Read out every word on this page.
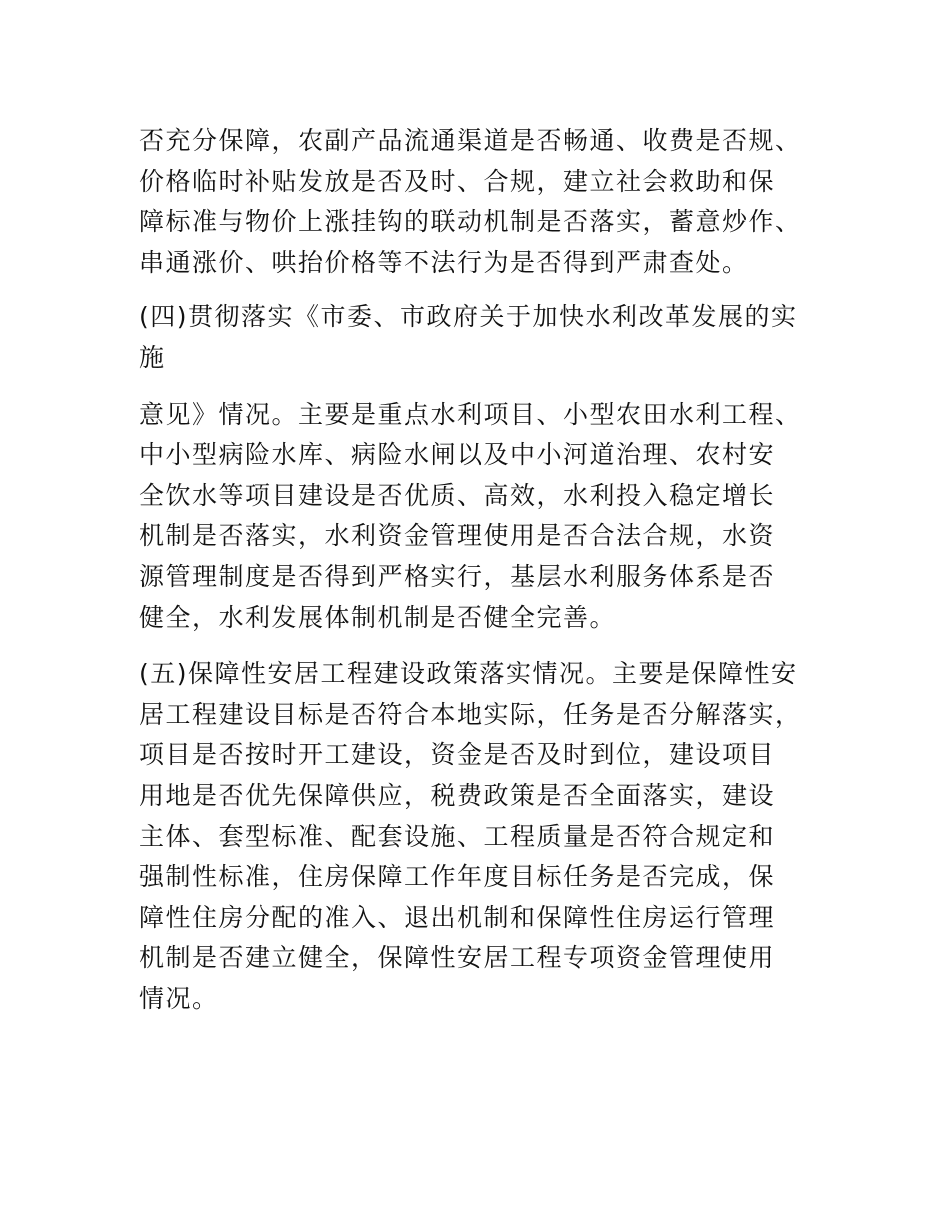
否充分保障，农副产品流通渠道是否畅通、收费是否规、
价格临时补贴发放是否及时、合规，建立社会救助和保
障标准与物价上涨挂钩的联动机制是否落实，蓄意炒作、
串通涨价、哄抬价格等不法行为是否得到严肃查处。
(四)贯彻落实《市委、市政府关于加快水利改革发展的实
施
意见》情况。主要是重点水利项目、小型农田水利工程、
中小型病险水库、病险水闸以及中小河道治理、农村安
全饮水等项目建设是否优质、高效，水利投入稳定增长
机制是否落实，水利资金管理使用是否合法合规，水资
源管理制度是否得到严格实行，基层水利服务体系是否
健全，水利发展体制机制是否健全完善。
(五)保障性安居工程建设政策落实情况。主要是保障性安
居工程建设目标是否符合本地实际，任务是否分解落实，
项目是否按时开工建设，资金是否及时到位，建设项目
用地是否优先保障供应，税费政策是否全面落实，建设
主体、套型标准、配套设施、工程质量是否符合规定和
强制性标准，住房保障工作年度目标任务是否完成，保
障性住房分配的准入、退出机制和保障性住房运行管理
机制是否建立健全，保障性安居工程专项资金管理使用
情况。
